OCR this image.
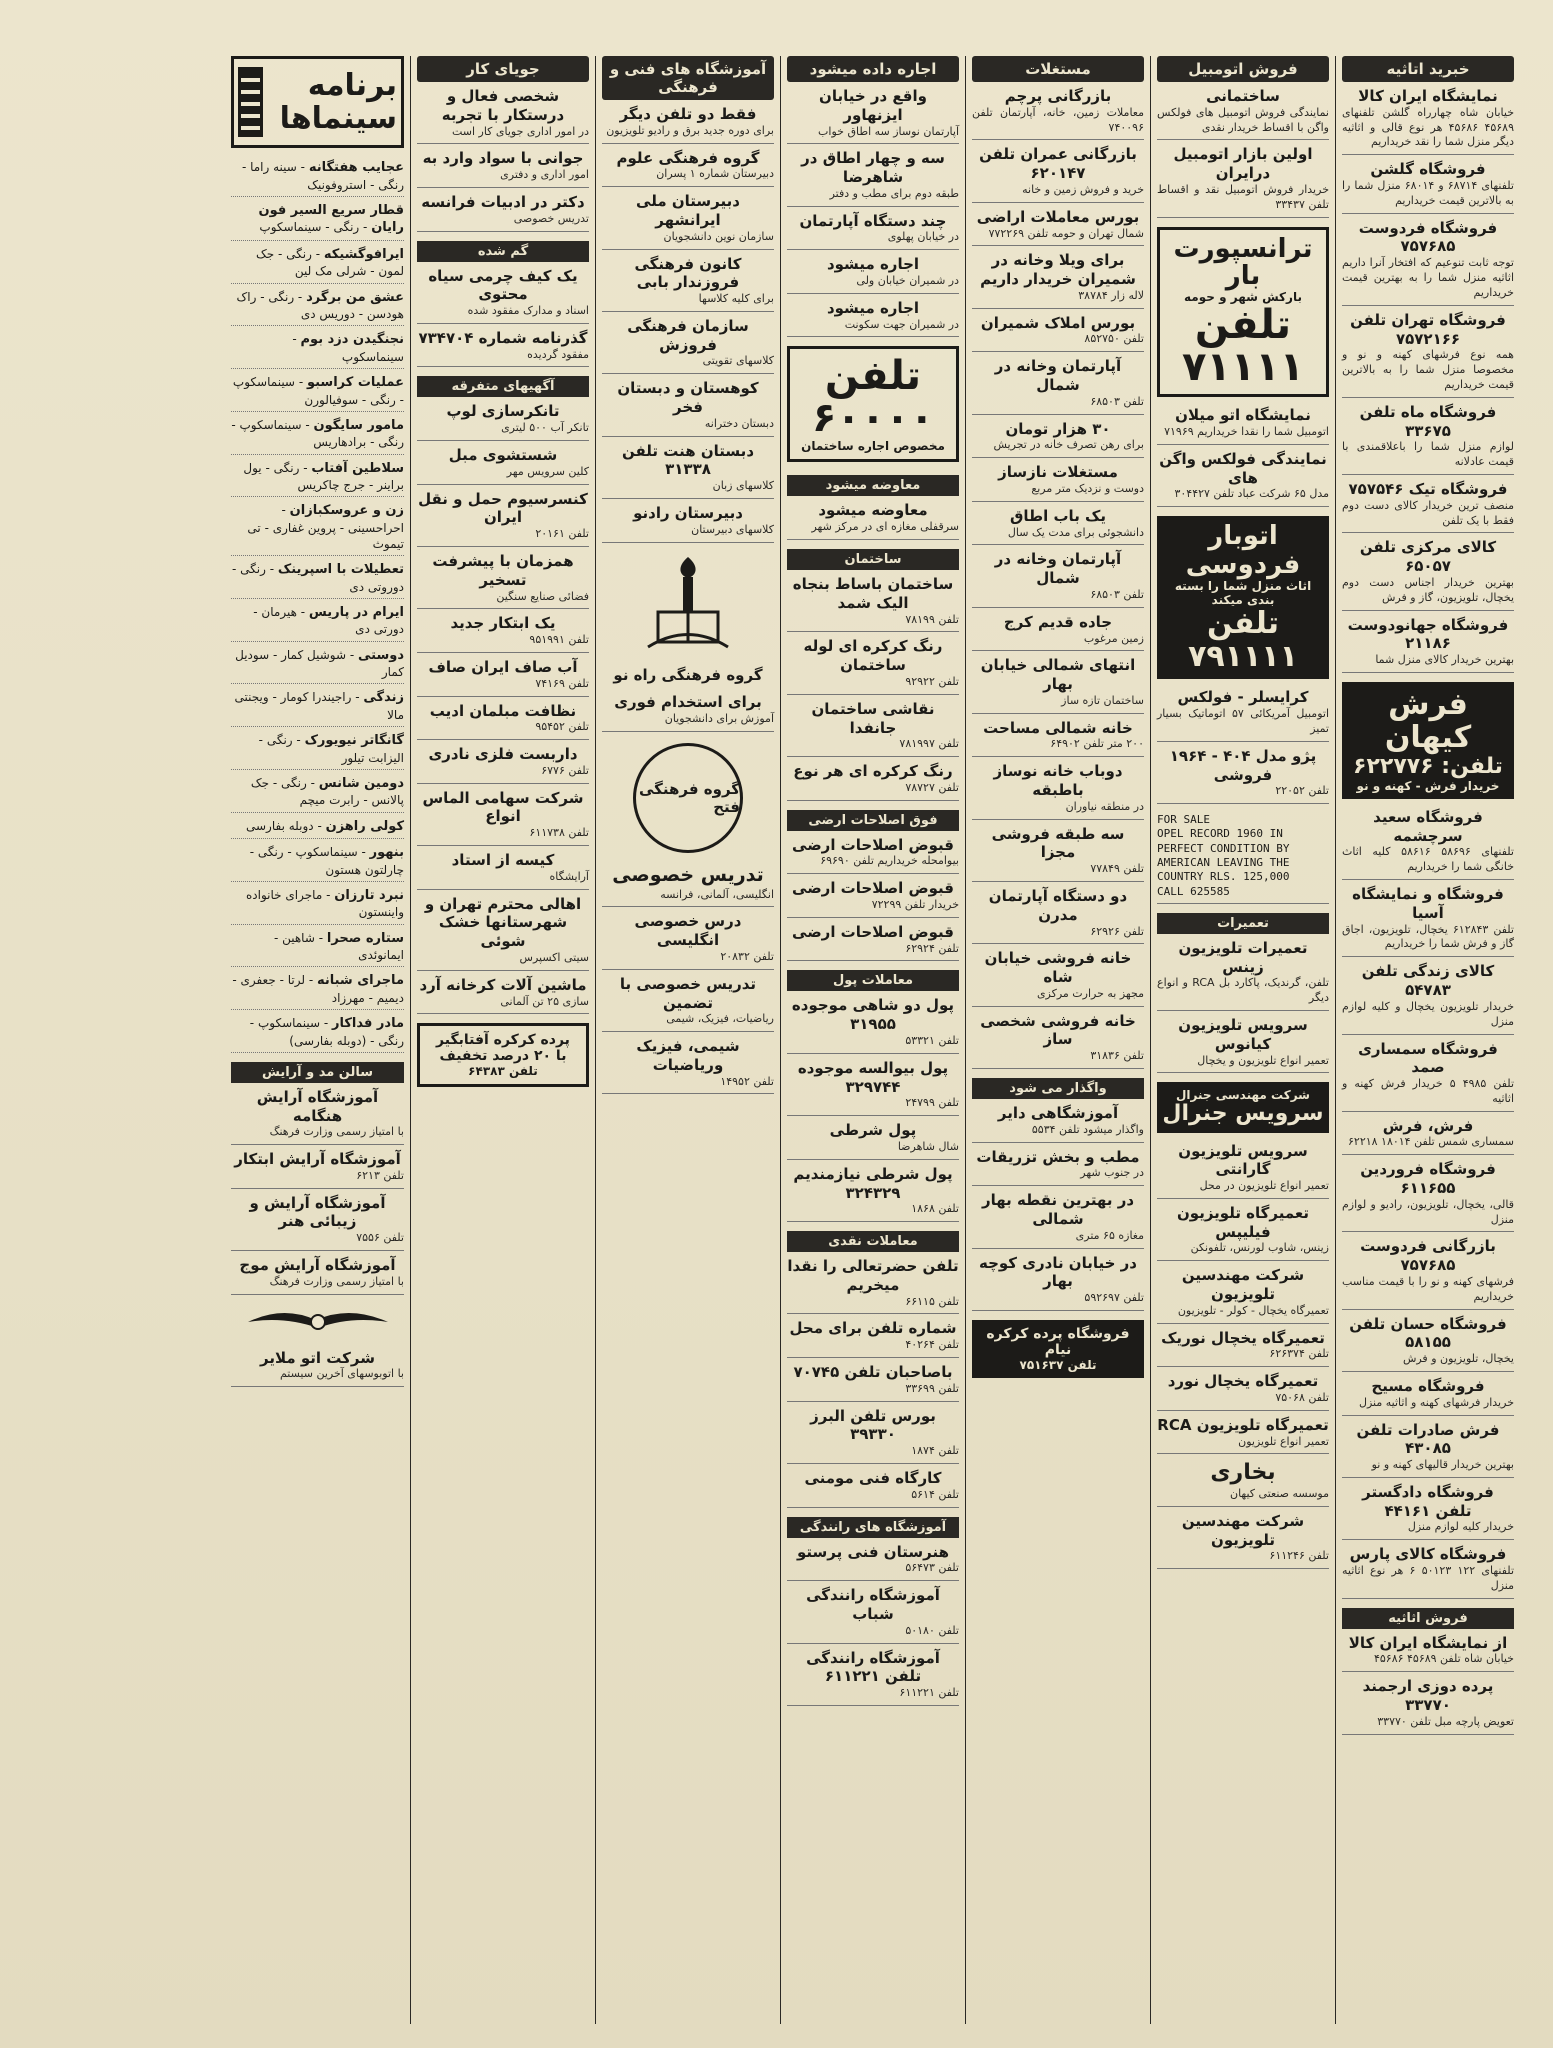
خبرید اتاثیه
نمایشگاه ایران کالا
خیابان شاه چهارراه گلشن تلفنهای ۴۵۶۸۹ ۴۵۶۸۶ هر نوع قالی و اثاثیه دیگر منزل شما را نقد خریداریم
فروشگاه گلشن
تلفنهای ۶۸۷۱۴ و ۶۸۰۱۴ منزل شما را به بالاترین قیمت خریداریم
فروشگاه فردوست ۷۵۷۶۸۵
توجه ثابت تنوعیم که افتخار آنرا داریم اثاثیه منزل شما را به بهترین قیمت خریداریم
فروشگاه تهران تلفن ۷۵۷۲۱۶۶
همه نوع فرشهای کهنه و نو و مخصوصا منزل شما را به بالاترین قیمت خریداریم
فروشگاه ماه تلفن ۳۳۶۷۵
لوازم منزل شما را باعلاقمندی با قیمت عادلانه
فروشگاه تیک ۷۵۷۵۴۶
منصف ترین خریدار کالای دست دوم فقط با یک تلفن
کالای مرکزی تلفن ۶۵۰۵۷
بهترین خریدار اجناس دست دوم یخچال، تلویزیون، گاز و فرش
فروشگاه جهانودوست ۲۱۱۸۶
بهترین خریدار کالای منزل شما
فرش کیهان
تلفن: ۶۲۲۷۷۶
خریدار فرش - کهنه و نو
فروشگاه سعید سرچشمه
تلفنهای ۵۸۶۹۶ ۵۸۶۱۶ کلیه اثاث خانگی شما را خریداریم
فروشگاه و نمایشگاه آسیا
تلفن ۶۱۲۸۴۳ یخچال، تلویزیون، اجاق گاز و فرش شما را خریداریم
کالای زندگی تلفن ۵۴۷۸۳
خریدار تلویزیون یخچال و کلیه لوازم منزل
فروشگاه سمساری صمد
تلفن ۴۹۸۵ ۵ خریدار فرش کهنه و اثاثیه
فرش، فرش
سمساری شمس تلفن ۱۸۰۱۴ ۶۲۲۱۸
فروشگاه فروردین ۶۱۱۶۵۵
قالی، یخچال، تلویزیون، رادیو و لوازم منزل
بازرگانی فردوست ۷۵۷۶۸۵
فرشهای کهنه و نو را با قیمت مناسب خریداریم
فروشگاه حسان تلفن ۵۸۱۵۵
یخچال، تلویزیون و فرش
فروشگاه مسیح
خریدار فرشهای کهنه و اثاثیه منزل
فرش صادرات تلفن ۴۳۰۸۵
بهترین خریدار قالیهای کهنه و نو
فروشگاه دادگستر تلفن ۴۴۱۶۱
خریدار کلیه لوازم منزل
فروشگاه کالای پارس
تلفنهای ۱۲۲ ۵۰۱۲۳ ۶ هر نوع اثاثیه منزل
فروش اثاثیه
از نمایشگاه ایران کالا
خیابان شاه تلفن ۴۵۶۸۹ ۴۵۶۸۶
پرده دوزی ارجمند ۳۳۷۷۰
تعویض پارچه مبل تلفن ۳۳۷۷۰
فروش اتومبیل
ساختمانی
نمایندگی فروش اتومبیل های فولکس واگن با اقساط خریدار نقدی
اولین بازار اتومبیل درایران
خریدار فروش اتومبیل نقد و اقساط تلفن ۳۳۴۳۷
ترانسپورت بار
بارکش شهر و حومه
تلفن ۷۱۱۱۱
نمایشگاه اتو میلان
اتومبیل شما را نقدا خریداریم ۷۱۹۶۹
نمایندگی فولکس واگن های
مدل ۶۵ شرکت عباد تلفن ۳۰۴۴۲۷
اتوبار فردوسی
اثاث منزل شما را بسته بندی میکند
تلفن ۷۹۱۱۱۱
کرایسلر - فولکس
اتومبیل آمریکائی ۵۷ اتوماتیک بسیار تمیز
پژو مدل ۴۰۴ - ۱۹۶۴ فروشی
تلفن ۲۲۰۵۲
FOR SALE
OPEL RECORD 1960 IN
PERFECT CONDITION BY
AMERICAN LEAVING THE
COUNTRY RLS. 125,000
CALL 625585
تعمیرات
تعمیرات تلویزیون زینس
تلفن، گرندیک، پاکارد بل RCA و انواع دیگر
سرویس تلویزیون کیانوس
تعمیر انواع تلویزیون و یخچال
شرکت مهندسی جنرال
سرویس جنرال
سرویس تلویزیون گارانتی
تعمیر انواع تلویزیون در محل
تعمیرگاه تلویزیون فیلیپس
زینس، شاوب لورنس، تلفونکن
شرکت مهندسین تلویزیون
تعمیرگاه یخچال - کولر - تلویزیون
تعمیرگاه یخچال نوریک
تلفن ۶۲۶۳۷۴
تعمیرگاه یخچال نورد
تلفن ۷۵۰۶۸
تعمیرگاه تلویزیون RCA
تعمیر انواع تلویزیون
بخاری
موسسه صنعتی کیهان
شرکت مهندسین تلویزیون
تلفن ۶۱۱۲۴۶
مستغلات
بازرگانی پرچم
معاملات زمین، خانه، آپارتمان تلفن ۷۴۰۰۹۶
بازرگانی عمران تلفن ۶۲۰۱۴۷
خرید و فروش زمین و خانه
بورس معاملات اراضی
شمال تهران و حومه تلفن ۷۷۲۲۶۹
برای ویلا وخانه در شمیران خریدار داریم
لاله زار ۳۸۷۸۴
بورس املاک شمیران
تلفن ۸۵۲۷۵۰
آپارتمان وخانه در شمال
تلفن ۶۸۵۰۳
۳۰ هزار تومان
برای رهن تصرف خانه در تجریش
مستغلات نازساز
دوست و نزدیک متر مربع
یک باب اطاق
دانشجوئی برای مدت یک سال
آپارتمان وخانه در شمال
تلفن ۶۸۵۰۳
جاده قدیم کرج
زمین مرغوب
انتهای شمالی خیابان بهار
ساختمان تازه ساز
خانه شمالی مساحت
۲۰۰ متر تلفن ۶۴۹۰۲
دوباب خانه نوساز باطبقه
در منطقه نیاوران
سه طبقه فروشی مجزا
تلفن ۷۷۸۴۹
دو دستگاه آپارتمان مدرن
تلفن ۶۲۹۲۶
خانه فروشی خیابان شاه
مجهز به حرارت مرکزی
خانه فروشی شخصی ساز
تلفن ۳۱۸۳۶
واگذار می شود
آموزشگاهی دایر
واگذار میشود تلفن ۵۵۳۴
مطب و بخش تزریقات
در جنوب شهر
در بهترین نقطه بهار شمالی
مغازه ۶۵ متری
در خیابان نادری کوچه بهار
تلفن ۵۹۲۶۹۷
فروشگاه پرده کرکره نیام
تلفن ۷۵۱۶۳۷
اجاره داده میشود
واقع در خیابان ایزنهاور
آپارتمان نوساز سه اطاق خواب
سه و چهار اطاق در شاهرضا
طبقه دوم برای مطب و دفتر
چند دستگاه آپارتمان
در خیابان پهلوی
اجاره میشود
در شمیران خیابان ولی
اجاره میشود
در شمیران جهت سکونت
تلفن ۶۰۰۰۰
مخصوص اجاره ساختمان
معاوضه میشود
معاوضه میشود
سرقفلی مغازه ای در مرکز شهر
ساختمان
ساختمان باساط بنجاه الیک شمد
تلفن ۷۸۱۹۹
رنگ کرکره ای لوله ساختمان
تلفن ۹۲۹۲۲
نقاشی ساختمان جانفدا
تلفن ۷۸۱۹۹۷
رنگ کرکره ای هر نوع
تلفن ۷۸۷۲۷
فوق اصلاحات ارضی
قبوض اصلاحات ارضی
بیوامحله خریداریم تلفن ۶۹۶۹۰
قبوض اصلاحات ارضی
خریدار تلفن ۷۲۲۹۹
قبوض اصلاحات ارضی
تلفن ۶۲۹۲۴
معاملات پول
پول دو شاهی موجوده ۳۱۹۵۵
تلفن ۵۳۳۲۱
پول بیوالسه موجوده ۳۲۹۷۴۴
تلفن ۲۴۷۹۹
پول شرطی
شال شاهرضا
پول شرطی نیازمندیم ۳۲۴۳۲۹
تلفن ۱۸۶۸
معاملات نقدی
تلفن حضرتعالی را نقدا میخریم
تلفن ۶۶۱۱۵
شماره تلفن برای محل
تلفن ۴۰۲۶۴
باصاحبان تلفن ۷۰۷۴۵
تلفن ۳۳۶۹۹
بورس تلفن البرز ۳۹۳۳۰
تلفن ۱۸۷۴
کارگاه فنی مومنی
تلفن ۵۶۱۴
آموزشگاه های رانندگی
هنرستان فنی پرستو
تلفن ۵۶۴۷۳
آموزشگاه رانندگی شباب
تلفن ۵۰۱۸۰
آموزشگاه رانندگی تلفن ۶۱۱۲۲۱
تلفن ۶۱۱۲۲۱
آموزشگاه های فنی و فرهنگی
فقط دو تلفن دیگر
برای دوره جدید برق و رادیو تلویزیون
گروه فرهنگی علوم
دبیرستان شماره ۱ پسران
دبیرستان ملی ایرانشهر
سازمان نوین دانشجویان
کانون فرهنگی فروزندار بابی
برای کلیه کلاسها
سازمان فرهنگی فروزش
کلاسهای تقویتی
کوهستان و دبستان فخر
دبستان دخترانه
دبستان هنت تلفن ۳۱۳۳۸
کلاسهای زبان
دبیرستان رادنو
کلاسهای دبیرستان
گروه فرهنگی راه نو
برای استخدام فوری
آموزش برای دانشجویان
گروه فرهنگی فتح
تدریس خصوصی
انگلیسی، آلمانی، فرانسه
درس خصوصی انگلیسی
تلفن ۲۰۸۳۲
تدریس خصوصی با تضمین
ریاضیات، فیزیک، شیمی
شیمی، فیزیک وریاضیات
تلفن ۱۴۹۵۲
جویای کار
شخصی فعال و درستکار با تجربه
در امور اداری جویای کار است
جوانی با سواد وارد به
امور اداری و دفتری
دکتر در ادبیات فرانسه
تدریس خصوصی
گم شده
یک کیف چرمی سیاه محتوی
اسناد و مدارک مفقود شده
گذرنامه شماره ۷۳۴۷۰۴
مفقود گردیده
آگهیهای متفرقه
تانکرسازی لوپ
تانکر آب ۵۰۰ لیتری
شستشوی مبل
کلین سرویس مهر
کنسرسیوم حمل و نقل ایران
تلفن ۲۰۱۶۱
همزمان با پیشرفت تسخیر
فضائی صنایع سنگین
یک ابتکار جدید
تلفن ۹۵۱۹۹۱
آب صاف ایران صاف
تلفن ۷۴۱۶۹
نظافت مبلمان ادیب
تلفن ۹۵۴۵۲
داربست فلزی نادری
تلفن ۶۷۷۶
شرکت سهامی الماس انواع
تلفن ۶۱۱۷۳۸
کیسه از استاد
آرایشگاه
اهالی محترم تهران و شهرستانها خشک شوئی
سیتی اکسپرس
ماشین آلات کرخانه آرد
سازی ۲۵ تن آلمانی
پرده کرکره آفتابگیر
با ۲۰ درصد تخفیف
تلفن ۶۴۳۸۳
برنامه سینماها
عجایب هفتگانه - سینه راما - رنگی - استروفونیک
قطار سریع السیر فون رایان - رنگی - سینماسکوپ
ایرافوگشیکه - رنگی - جک لمون - شرلی مک لین
عشق من برگرد - رنگی - راک هودسن - دوریس دی
نجنگیدن دزد بوم - سینماسکوپ
عملیات کراسبو - سینماسکوپ - رنگی - سوفیالورن
مامور سایگون - سینماسکوپ - رنگی - برادهاریس
سلاطین آفتاب - رنگی - یول براینر - جرج چاکریس
زن و عروسکبازان - احراحسینی - پروین غفاری - تی تیموث
تعطیلات با اسپرینک - رنگی - دوروتی دی
ایرام در پاریس - هیرمان - دورتی دی
دوستی - شوشیل کمار - سودیل کمار
زندگی - راجیندرا کومار - ویجنتی مالا
گانگاتر نیویورک - رنگی - الیزابت تیلور
دومین شانس - رنگی - جک پالانس - رابرت میچم
کولی راهزن - دوبله بفارسی
بنهور - سینماسکوپ - رنگی - چارلتون هستون
نبرد تارزان - ماجرای خانواده واینستون
ستاره صحرا - شاهین - ایمانوئدی
ماجرای شبانه - لرتا - جعفری - دیمیم - مهرزاد
مادر فداکار - سینماسکوپ - رنگی - (دوبله بفارسی)
سالن مد و آرایش
آموزشگاه آرایش هنگامه
با امتیاز رسمی وزارت فرهنگ
آموزشگاه آرایش ابتکار
تلفن ۶۲۱۳
آموزشگاه آرایش و زیبائی هنر
تلفن ۷۵۵۶
آموزشگاه آرایش موج
با امتیاز رسمی وزارت فرهنگ
شرکت اتو ملایر
با اتوبوسهای آخرین سیستم
